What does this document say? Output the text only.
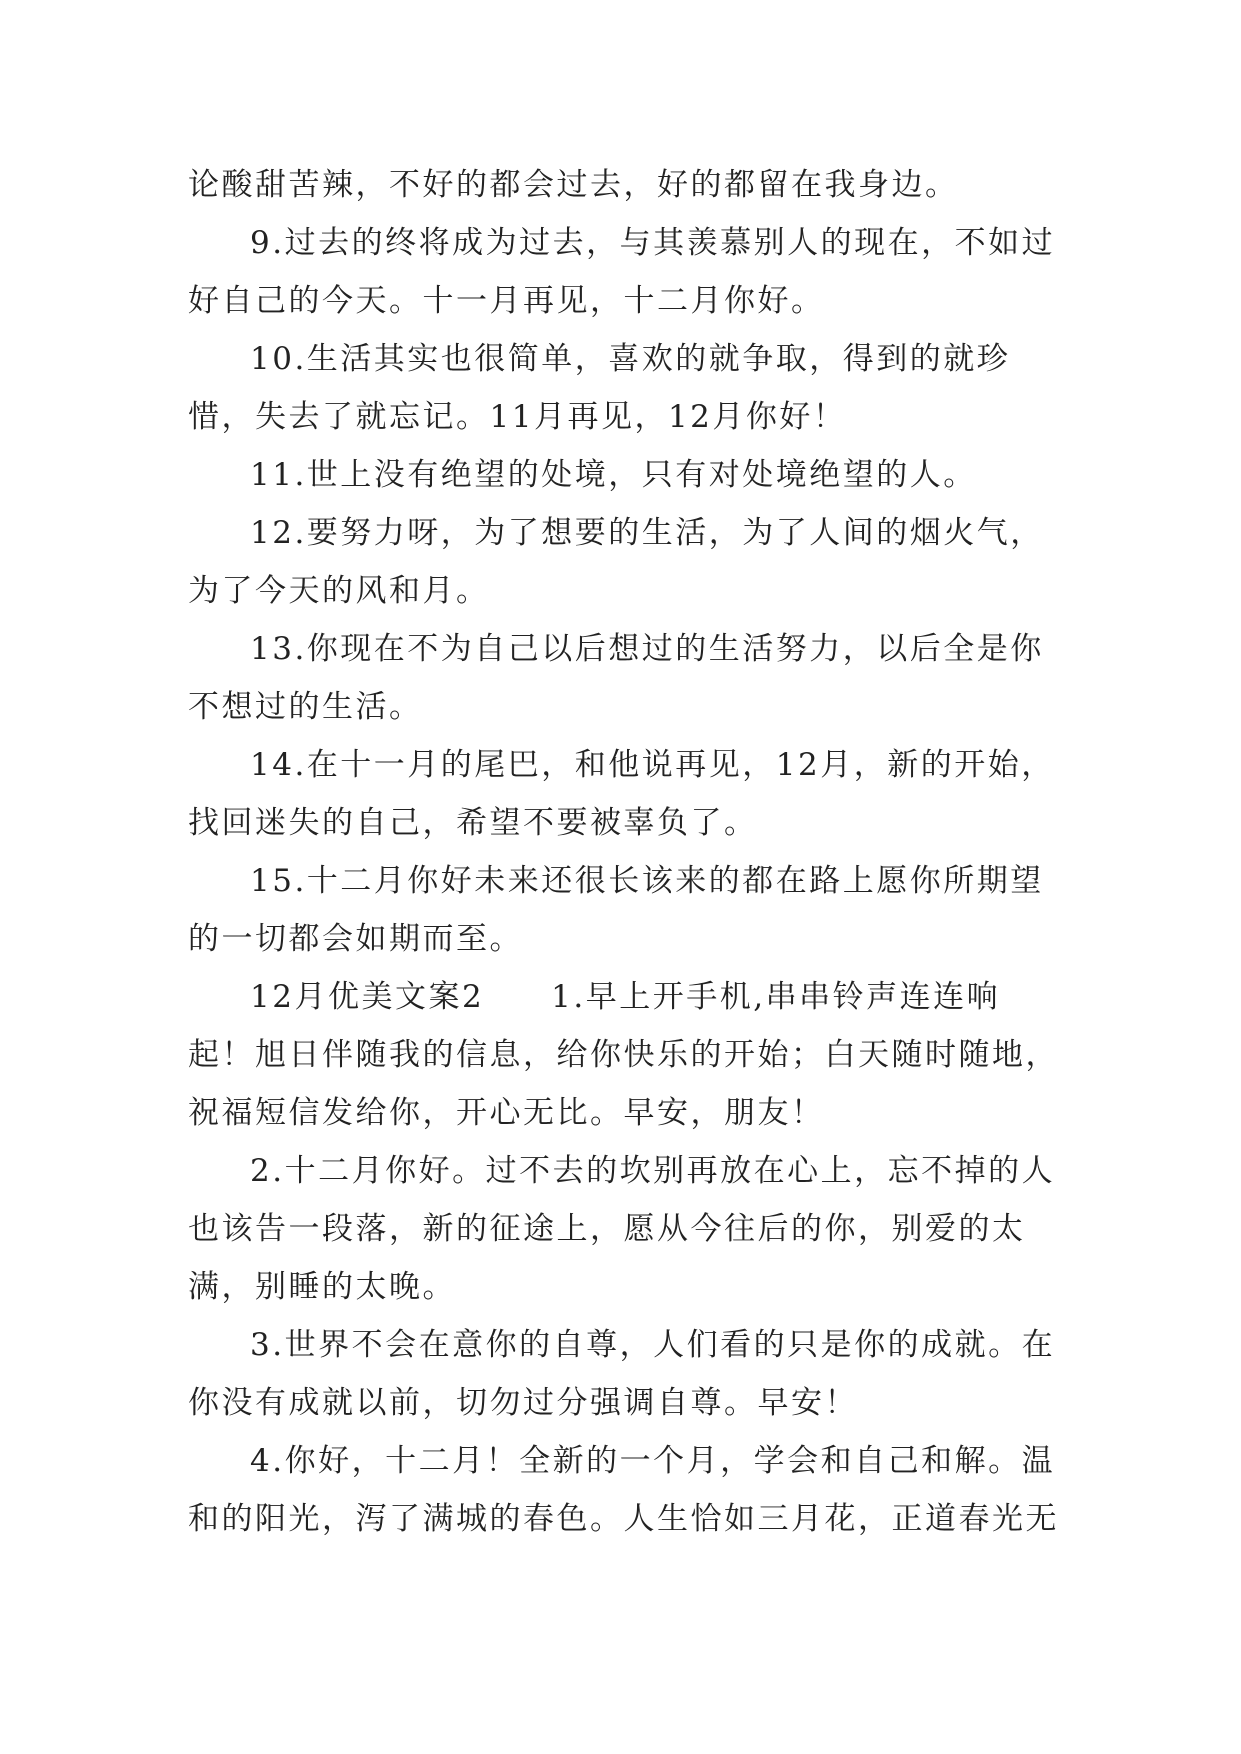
论酸甜苦辣，不好的都会过去，好的都留在我身边。

9.过去的终将成为过去，与其羡慕别人的现在，不如过好自己的今天。十一月再见，十二月你好。

10.生活其实也很简单，喜欢的就争取，得到的就珍惜，失去了就忘记。11月再见，12月你好！

11.世上没有绝望的处境，只有对处境绝望的人。

12.要努力呀，为了想要的生活，为了人间的烟火气，为了今天的风和月。

13.你现在不为自己以后想过的生活努力，以后全是你不想过的生活。

14.在十一月的尾巴，和他说再见，12月，新的开始，找回迷失的自己，希望不要被辜负了。

15.十二月你好未来还很长该来的都在路上愿你所期望的一切都会如期而至。

12月优美文案2　　1.早上开手机,串串铃声连连响起！旭日伴随我的信息，给你快乐的开始；白天随时随地，祝福短信发给你，开心无比。早安，朋友！

2.十二月你好。过不去的坎别再放在心上，忘不掉的人也该告一段落，新的征途上，愿从今往后的你，别爱的太满，别睡的太晚。

3.世界不会在意你的自尊，人们看的只是你的成就。在你没有成就以前，切勿过分强调自尊。早安！

4.你好，十二月！全新的一个月，学会和自己和解。温和的阳光，泻了满城的春色。人生恰如三月花，正道春光无
